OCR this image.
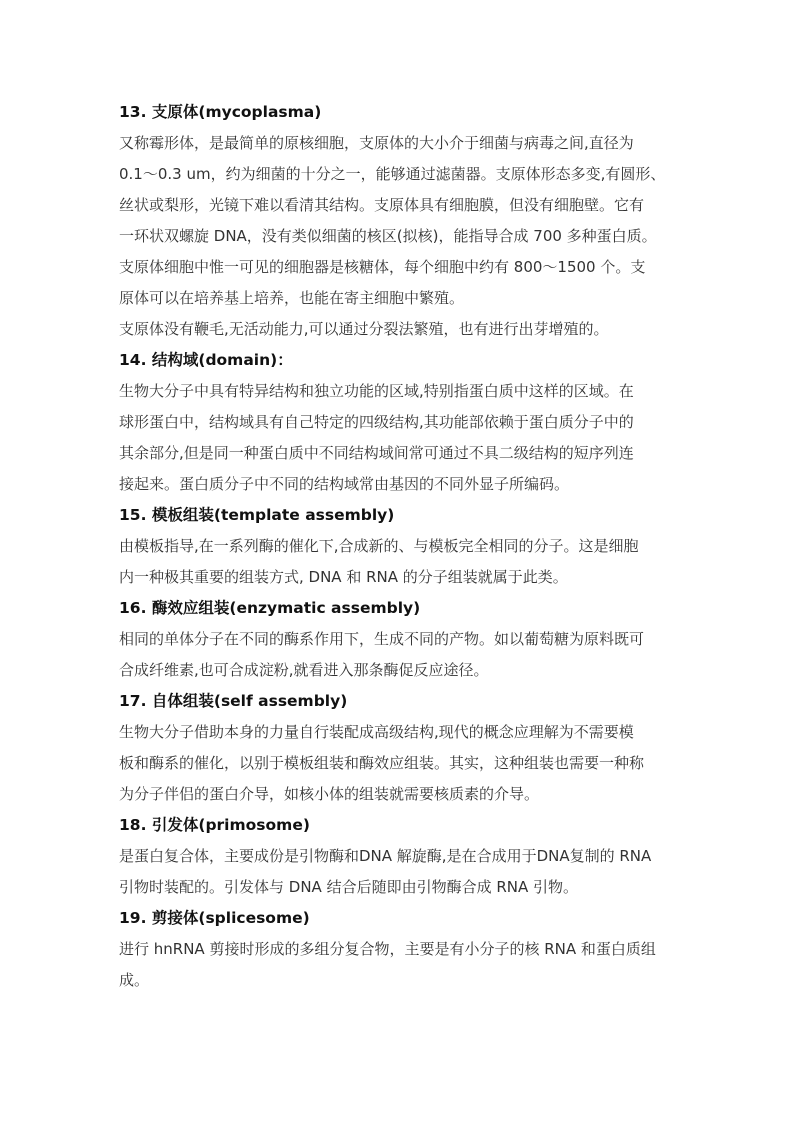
13. 支原体(mycoplasma)
又称霉形体，是最简单的原核细胞，支原体的大小介于细菌与病毒之间,直径为
0.1～0.3 um，约为细菌的十分之一，能够通过滤菌器。支原体形态多变,有圆形、
丝状或梨形，光镜下难以看清其结构。支原体具有细胞膜，但没有细胞壁。它有
一环状双螺旋 DNA，没有类似细菌的核区(拟核)，能指导合成 700 多种蛋白质。
支原体细胞中惟一可见的细胞器是核糖体，每个细胞中约有 800～1500 个。支
原体可以在培养基上培养，也能在寄主细胞中繁殖。
支原体没有鞭毛,无活动能力,可以通过分裂法繁殖，也有进行出芽增殖的。
14. 结构域(domain)：
生物大分子中具有特异结构和独立功能的区域,特别指蛋白质中这样的区域。在
球形蛋白中，结构域具有自己特定的四级结构,其功能部依赖于蛋白质分子中的
其余部分,但是同一种蛋白质中不同结构域间常可通过不具二级结构的短序列连
接起来。蛋白质分子中不同的结构域常由基因的不同外显子所编码。
15. 模板组装(template assembly)
由模板指导,在一系列酶的催化下,合成新的、与模板完全相同的分子。这是细胞
内一种极其重要的组装方式, DNA 和 RNA 的分子组装就属于此类。
16. 酶效应组装(enzymatic assembly)
相同的单体分子在不同的酶系作用下，生成不同的产物。如以葡萄糖为原料既可
合成纤维素,也可合成淀粉,就看进入那条酶促反应途径。
17. 自体组装(self assembly)
生物大分子借助本身的力量自行装配成高级结构,现代的概念应理解为不需要模
板和酶系的催化，以别于模板组装和酶效应组装。其实，这种组装也需要一种称
为分子伴侣的蛋白介导，如核小体的组装就需要核质素的介导。
18. 引发体(primosome)
是蛋白复合体，主要成份是引物酶和DNA 解旋酶,是在合成用于DNA复制的 RNA
引物时装配的。引发体与 DNA 结合后随即由引物酶合成 RNA 引物。
19. 剪接体(splicesome)
进行 hnRNA 剪接时形成的多组分复合物，主要是有小分子的核 RNA 和蛋白质组
成。
